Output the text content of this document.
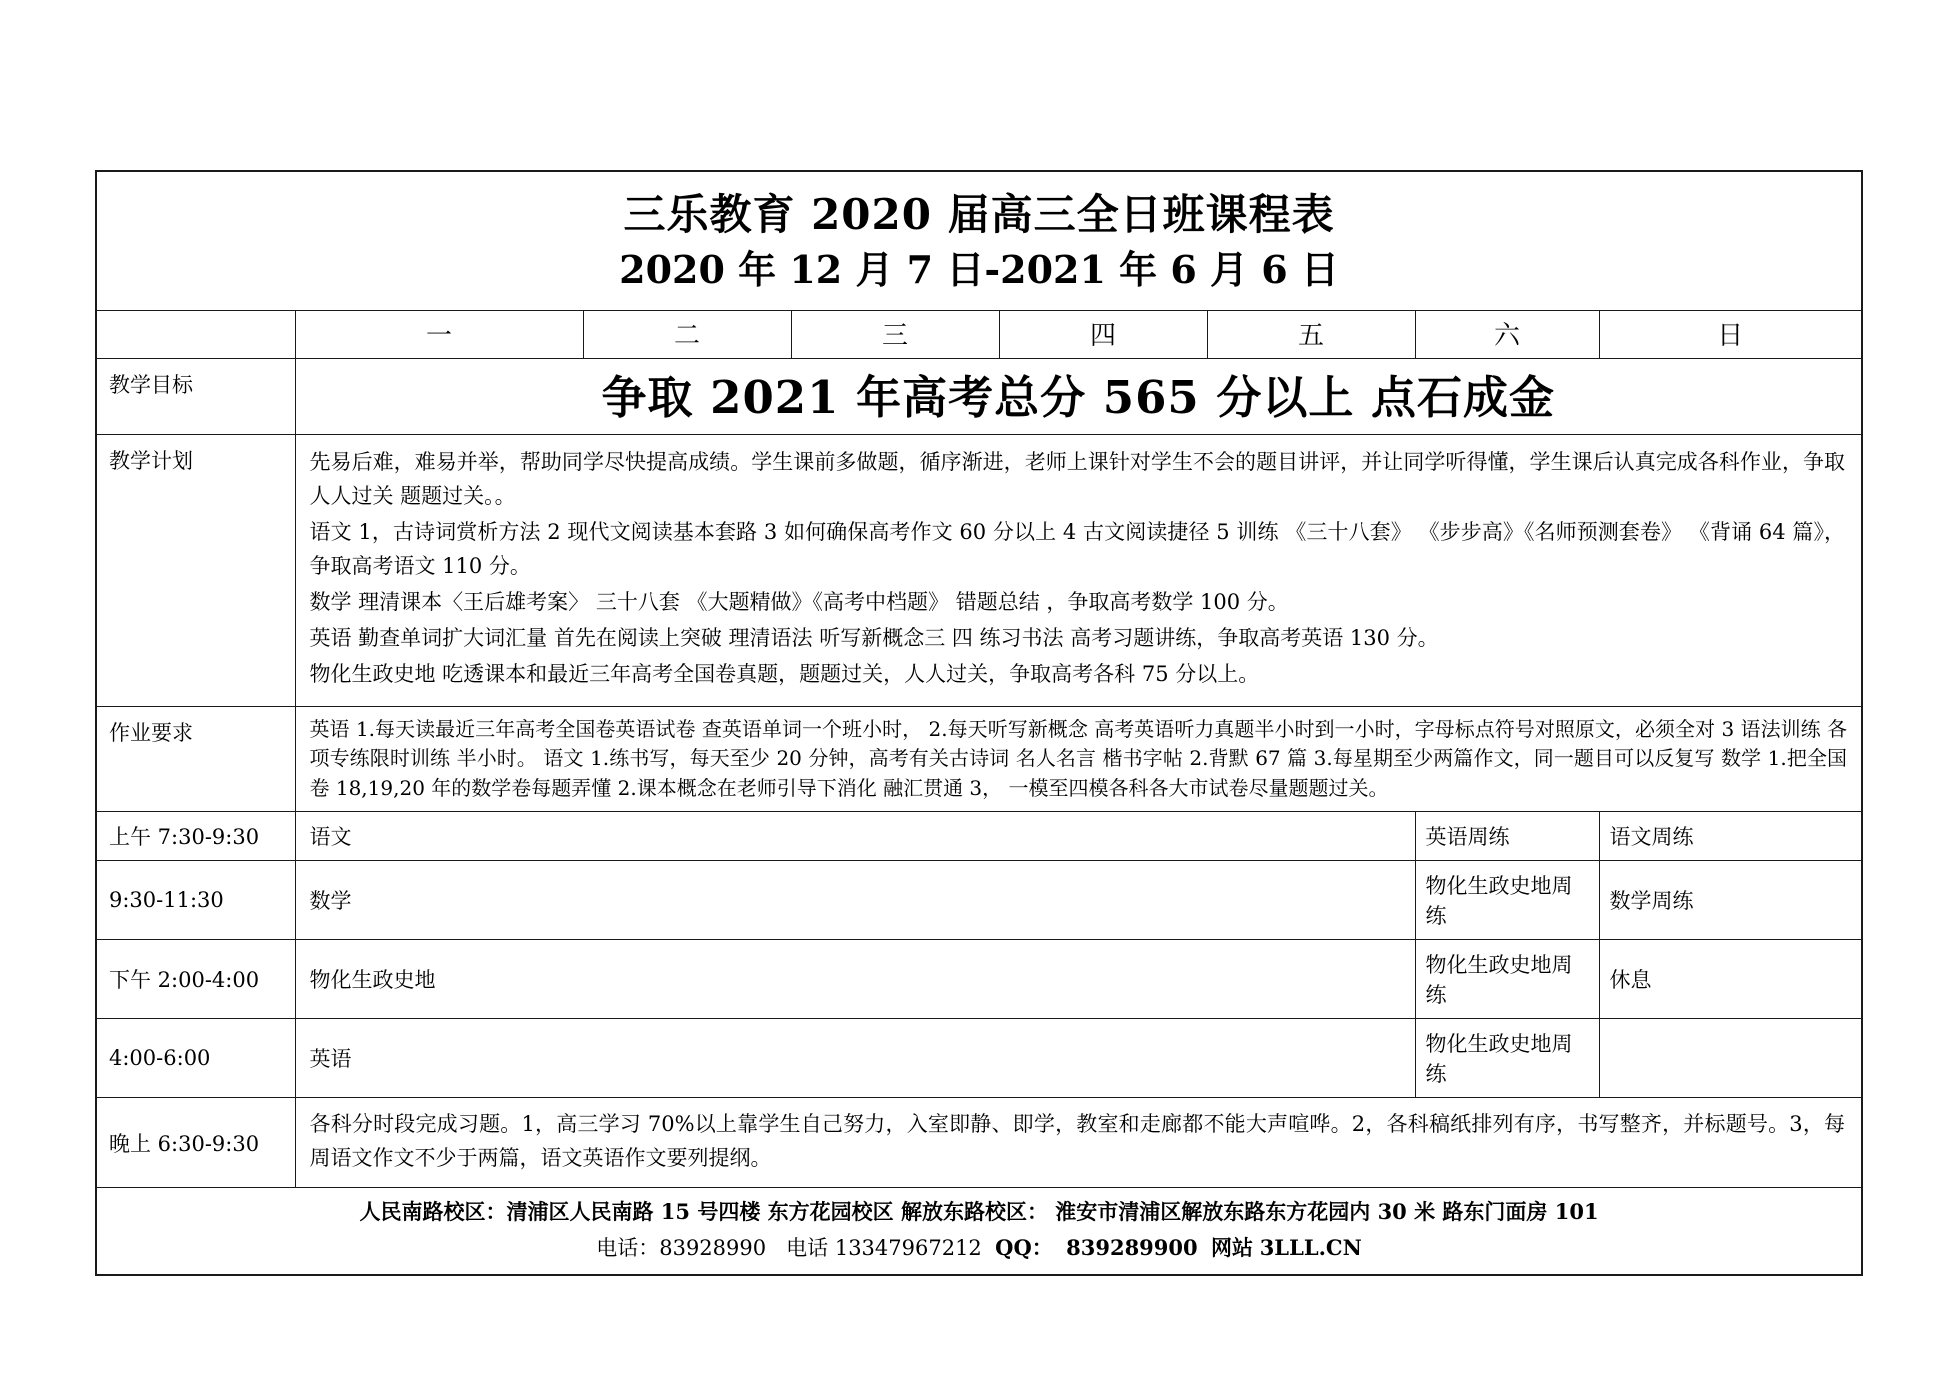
三乐教育 2020 届高三全日班课程表
2020 年 12 月 7 日-2021 年 6 月 6 日							

	一	二	三	四	五	六	日
教学目标	争取 2021 年高考总分 565 分以上 点石成金						

教学计划	先易后难，难易并举，帮助同学尽快提高成绩。学生课前多做题，循序渐进，老师上课针对学生不会的题目讲评，并让同学听得懂，学生课后认真完成各科作业，争取人人过关 题题过关。。

语文 1，古诗词赏析方法 2 现代文阅读基本套路 3 如何确保高考作文 60 分以上 4 古文阅读捷径 5 训练 《三十八套》 《步步高》《名师预测套卷》 《背诵 64 篇》，争取高考语文 110 分。

数学 理清课本〈王后雄考案〉 三十八套 《大题精做》《高考中档题》 错题总结 ，争取高考数学 100 分。

英语 勤查单词扩大词汇量 首先在阅读上突破 理清语法 听写新概念三 四 练习书法 高考习题讲练，争取高考英语 130 分。

物化生政史地 吃透课本和最近三年高考全国卷真题，题题过关，人人过关，争取高考各科 75 分以上。						

作业要求	英语 1.每天读最近三年高考全国卷英语试卷 查英语单词一个班小时， 2.每天听写新概念 高考英语听力真题半小时到一小时，字母标点符号对照原文，必须全对 3 语法训练 各项专练限时训练 半小时。 语文 1.练书写，每天至少 20 分钟，高考有关古诗词 名人名言 楷书字帖 2.背默 67 篇 3.每星期至少两篇作文，同一题目可以反复写 数学 1.把全国卷 18,19,20 年的数学卷每题弄懂 2.课本概念在老师引导下消化 融汇贯通 3， 一模至四模各科各大市试卷尽量题题过关。						

上午 7:30-9:30	语文					英语周练	语文周练
9:30-11:30	数学					物化生政史地周练	数学周练
下午 2:00-4:00	物化生政史地					物化生政史地周练	休息
4:00-6:00	英语					物化生政史地周练	
晚上 6:30-9:30	各科分时段完成习题。1，高三学习 70%以上靠学生自己努力，入室即静、即学，教室和走廊都不能大声喧哗。2，各科稿纸排列有序，书写整齐，并标题号。3，每周语文作文不少于两篇，语文英语作文要列提纲。						

人民南路校区：清浦区人民南路 15 号四楼 东方花园校区 解放东路校区： 淮安市清浦区解放东路东方花园内 30 米 路东门面房 101
电话：83928990 电话 13347967212 QQ： 839289900 网站 3LLL.CN							
